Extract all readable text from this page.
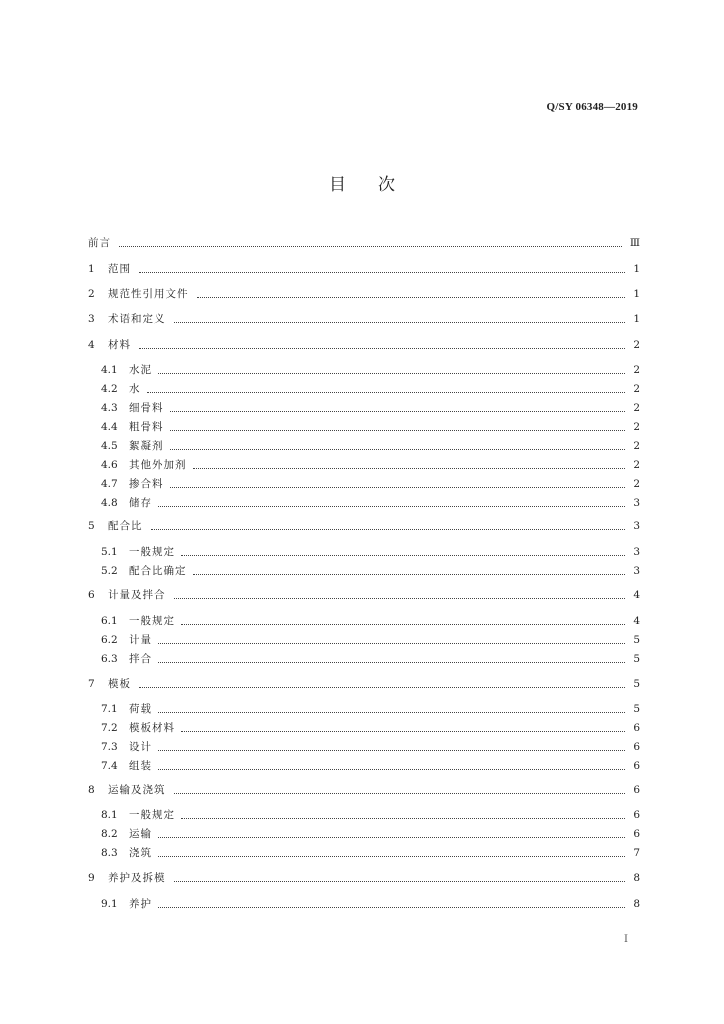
Q/SY 06348—2019
目次
前言	Ⅲ
1	范围	1
2	规范性引用文件	1
3	术语和定义	1
4	材料	2
4.1	水泥	2
4.2	水	2
4.3	细骨料	2
4.4	粗骨料	2
4.5	絮凝剂	2
4.6	其他外加剂	2
4.7	掺合料	2
4.8	储存	3
5	配合比	3
5.1	一般规定	3
5.2	配合比确定	3
6	计量及拌合	4
6.1	一般规定	4
6.2	计量	5
6.3	拌合	5
7	模板	5
7.1	荷载	5
7.2	模板材料	6
7.3	设计	6
7.4	组装	6
8	运输及浇筑	6
8.1	一般规定	6
8.2	运输	6
8.3	浇筑	7
9	养护及拆模	8
9.1	养护	8
I
